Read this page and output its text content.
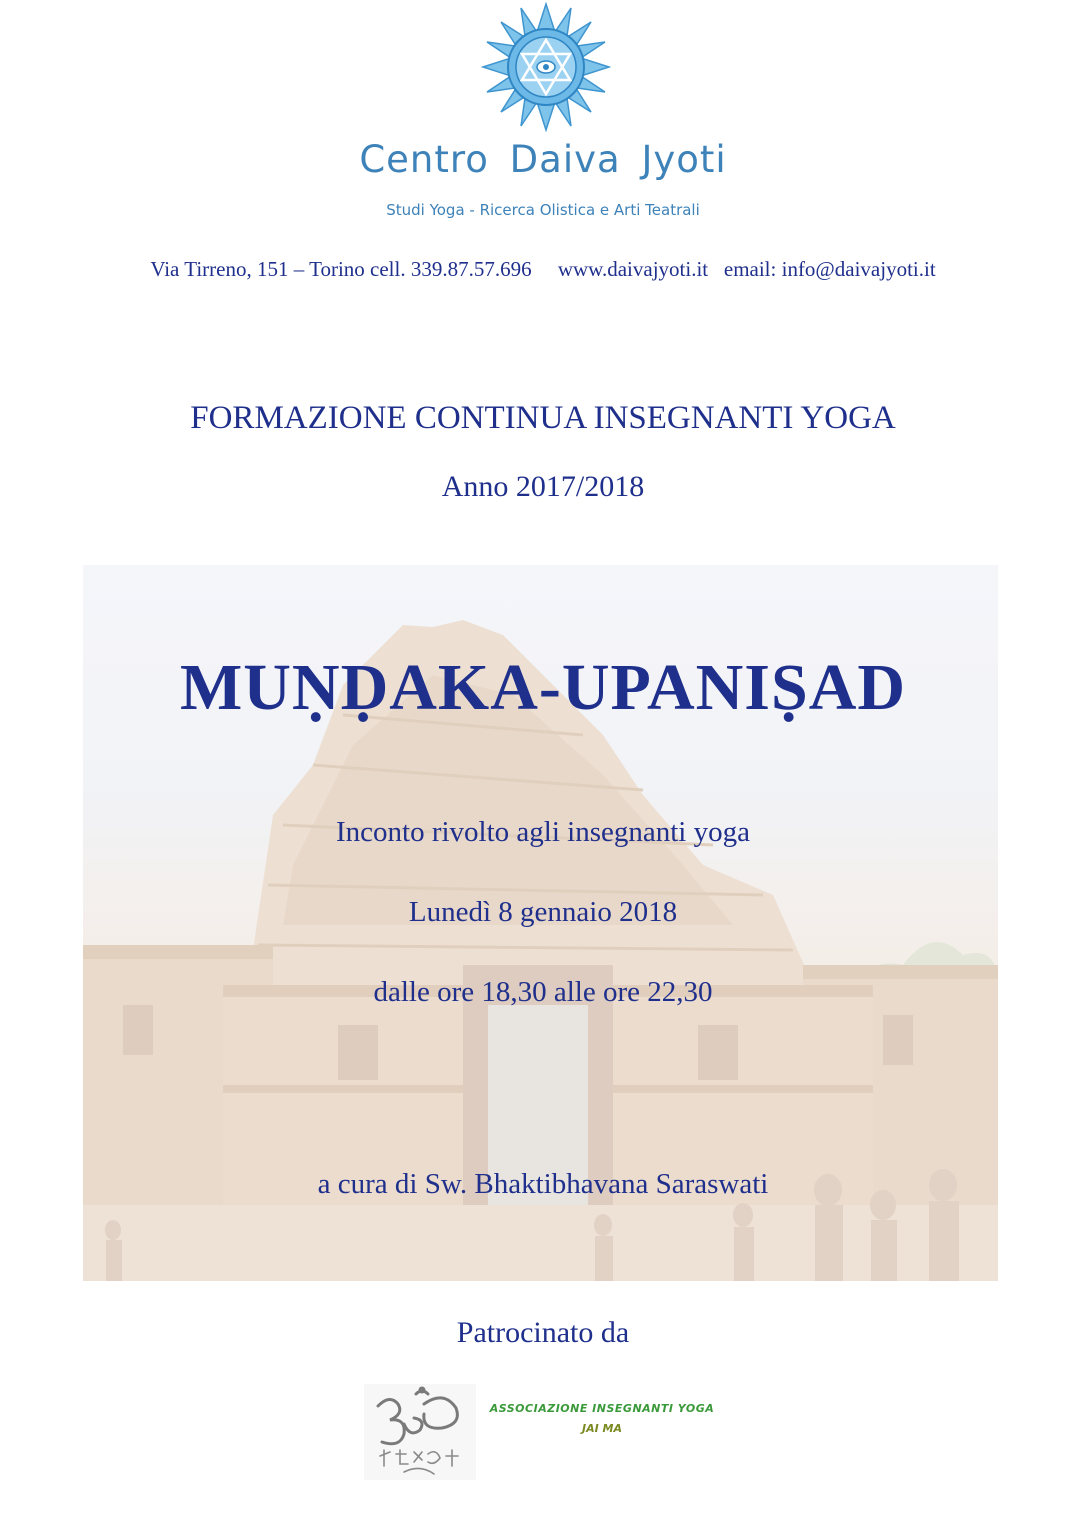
Centro Daiva Jyoti
Studi Yoga - Ricerca Olistica e Arti Teatrali
Via Tirreno, 151 – Torino cell. 339.87.57.696     www.daivajyoti.it   email: info@daivajyoti.it
FORMAZIONE CONTINUA INSEGNANTI YOGA
Anno 2017/2018
MUṆḌAKA-UPANIṢAD
Inconto rivolto agli insegnanti yoga
Lunedì 8 gennaio 2018
dalle ore 18,30 alle ore 22,30
a cura di Sw. Bhaktibhavana Saraswati
Patrocinato da
ASSOCIAZIONE INSEGNANTI YOGA
JAI MA
